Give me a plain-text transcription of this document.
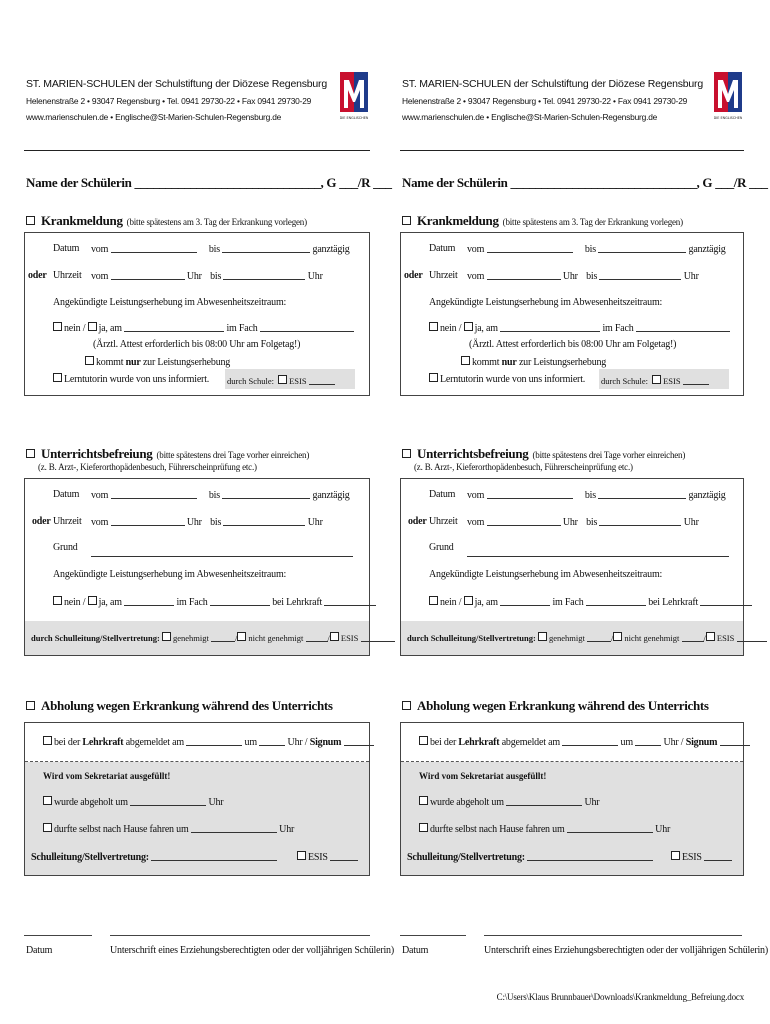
ST. MARIEN-SCHULEN der Schulstiftung der Diözese Regensburg
Helenenstraße 2 • 93047 Regensburg • Tel. 0941 29730-22 • Fax 0941 29730-29
www.marienschulen.de • Englische@St-Marien-Schulen-Regensburg.de	DIE ENGLISCHEN
Name der Schülerin ______________________________, G ___/R ___
Krankmeldung (bitte spätestens am 3. Tag der Erkrankung vorlegen)
Datum vom	bis	ganztägig
oder Uhrzeit vom	Uhr bis	Uhr
Angekündigte Leistungserhebung im Abwesenheitszeitraum:
nein / ja, am	im Fach
(Ärztl. Attest erforderlich bis 08:00 Uhr am Folgetag!)
kommt nur zur Leistungserhebung
Lerntutorin wurde von uns informiert. durch Schule: ESIS
Unterrichtsbefreiung (bitte spätestens drei Tage vorher einreichen)
(z. B. Arzt-, Kieferorthopädenbesuch, Führerscheinprüfung etc.)
Datum vom	bis	ganztägig
oder Uhrzeit vom	Uhr bis	Uhr
Grund
Angekündigte Leistungserhebung im Abwesenheitszeitraum:
nein / ja, am	im Fach	bei Lehrkraft
durch Schulleitung/Stellvertretung: genehmigt	/ nicht genehmigt	/ ESIS
Abholung wegen Erkrankung während des Unterrichts
bei der Lehrkraft abgemeldet am	um	Uhr / Signum
Wird vom Sekretariat ausgefüllt!
wurde abgeholt um	Uhr
durfte selbst nach Hause fahren um	Uhr
Schulleitung/Stellvertretung:	ESIS
Datum	Unterschrift eines Erziehungsberechtigten oder der volljährigen Schülerin)
ST. MARIEN-SCHULEN der Schulstiftung der Diözese Regensburg
Helenenstraße 2 • 93047 Regensburg • Tel. 0941 29730-22 • Fax 0941 29730-29
www.marienschulen.de • Englische@St-Marien-Schulen-Regensburg.de	DIE ENGLISCHEN
Name der Schülerin ______________________________, G ___/R ___
Krankmeldung (bitte spätestens am 3. Tag der Erkrankung vorlegen)
Datum vom	bis	ganztägig
oder Uhrzeit vom	Uhr bis	Uhr
Angekündigte Leistungserhebung im Abwesenheitszeitraum:
nein / ja, am	im Fach
(Ärztl. Attest erforderlich bis 08:00 Uhr am Folgetag!)
kommt nur zur Leistungserhebung
Lerntutorin wurde von uns informiert. durch Schule: ESIS
Unterrichtsbefreiung (bitte spätestens drei Tage vorher einreichen)
(z. B. Arzt-, Kieferorthopädenbesuch, Führerscheinprüfung etc.)
Datum vom	bis	ganztägig
oder Uhrzeit vom	Uhr bis	Uhr
Grund
Angekündigte Leistungserhebung im Abwesenheitszeitraum:
nein / ja, am	im Fach	bei Lehrkraft
durch Schulleitung/Stellvertretung: genehmigt	/ nicht genehmigt	/ ESIS
Abholung wegen Erkrankung während des Unterrichts
bei der Lehrkraft abgemeldet am	um	Uhr / Signum
Wird vom Sekretariat ausgefüllt!
wurde abgeholt um	Uhr
durfte selbst nach Hause fahren um	Uhr
Schulleitung/Stellvertretung:	ESIS
Datum	Unterschrift eines Erziehungsberechtigten oder der volljährigen Schülerin)
C:\Users\Klaus Brunnbauer\Downloads\Krankmeldung_Befreiung.docx
